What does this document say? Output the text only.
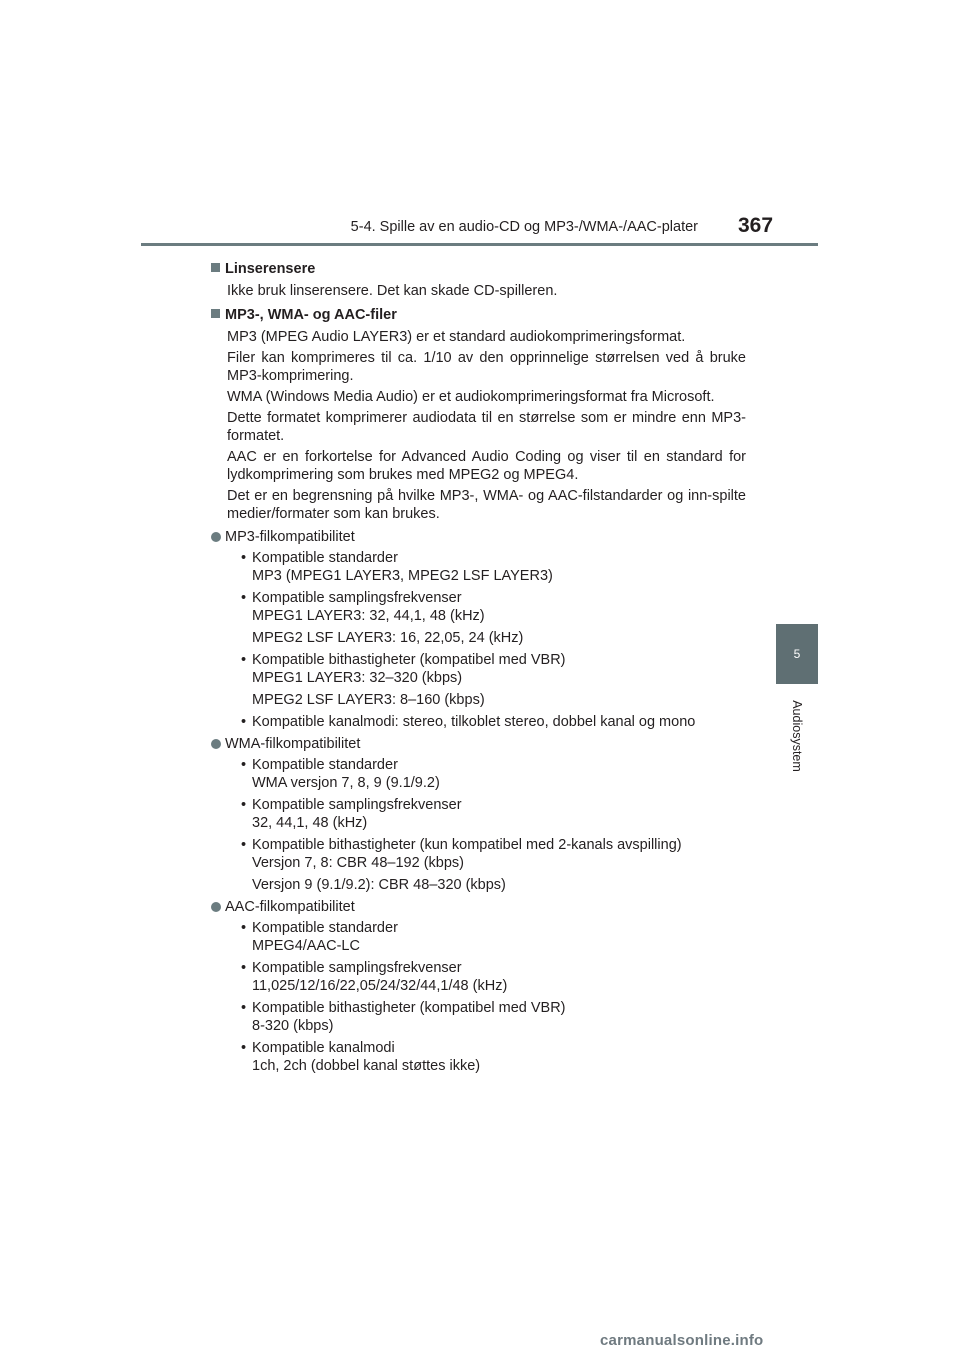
5-4. Spille av en audio-CD og MP3-/WMA-/AAC-plater 367
5
Audiosystem
Linserensere

Ikke bruk linserensere. Det kan skade CD-spilleren.

MP3-, WMA- og AAC-filer

MP3 (MPEG Audio LAYER3) er et standard audiokomprimeringsformat.

Filer kan komprimeres til ca. 1/10 av den opprinnelige størrelsen ved å bruke MP3-komprimering.

WMA (Windows Media Audio) er et audiokomprimeringsformat fra Microsoft.

Dette formatet komprimerer audiodata til en størrelse som er mindre enn MP3-formatet.

AAC er en forkortelse for Advanced Audio Coding og viser til en standard for lydkomprimering som brukes med MPEG2 og MPEG4.

Det er en begrensning på hvilke MP3-, WMA- og AAC-filstandarder og inn-spilte medier/formater som kan brukes.

MP3-filkompatibilitet
• Kompatible standarder
MP3 (MPEG1 LAYER3, MPEG2 LSF LAYER3)
• Kompatible samplingsfrekvenser
MPEG1 LAYER3: 32, 44,1, 48 (kHz)
MPEG2 LSF LAYER3: 16, 22,05, 24 (kHz)
• Kompatible bithastigheter (kompatibel med VBR)
MPEG1 LAYER3: 32–320 (kbps)
MPEG2 LSF LAYER3: 8–160 (kbps)
• Kompatible kanalmodi: stereo, tilkoblet stereo, dobbel kanal og mono
WMA-filkompatibilitet
• Kompatible standarder
WMA versjon 7, 8, 9 (9.1/9.2)
• Kompatible samplingsfrekvenser
32, 44,1, 48 (kHz)
• Kompatible bithastigheter (kun kompatibel med 2-kanals avspilling)
Versjon 7, 8: CBR 48–192 (kbps)
Versjon 9 (9.1/9.2): CBR 48–320 (kbps)
AAC-filkompatibilitet
• Kompatible standarder
MPEG4/AAC-LC
• Kompatible samplingsfrekvenser
11,025/12/16/22,05/24/32/44,1/48 (kHz)
• Kompatible bithastigheter (kompatibel med VBR)
8-320 (kbps)
• Kompatible kanalmodi
1ch, 2ch (dobbel kanal støttes ikke)
carmanualsonline.info
